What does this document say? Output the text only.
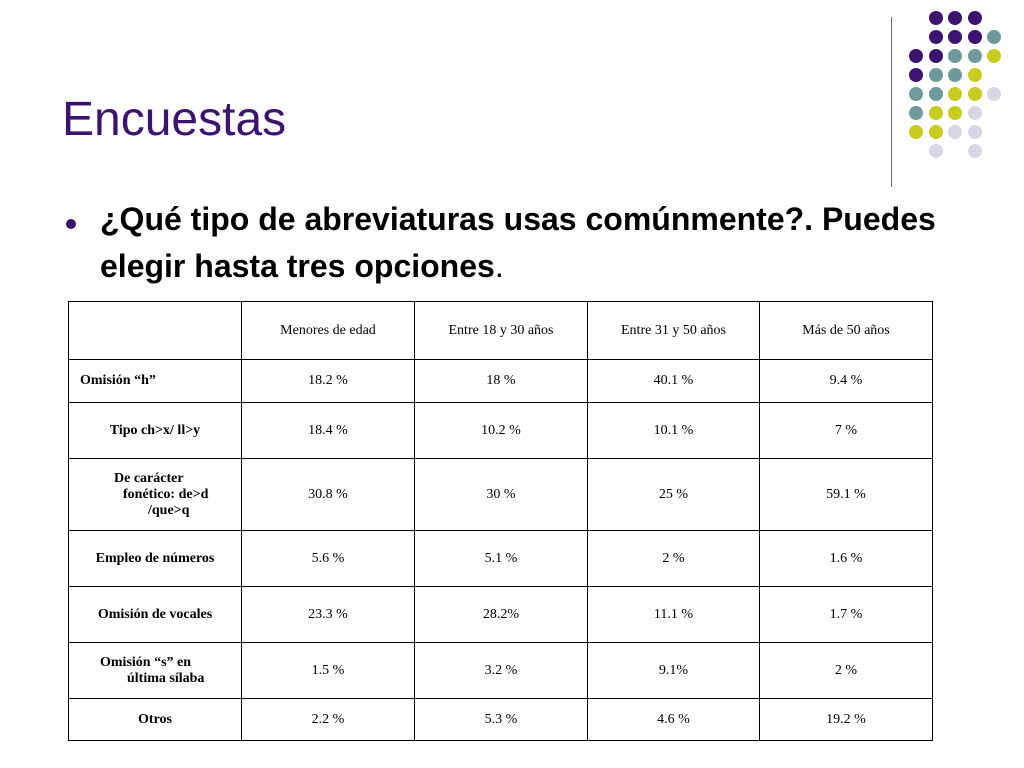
Encuestas
¿Qué tipo de abreviaturas usas comúnmente?. Puedes elegir hasta tres opciones.
	Menores de edad	Entre 18 y 30 años	Entre 31 y 50 años	Más de 50 años
Omisión “h”	18.2 %	18 %	40.1 %	9.4 %
Tipo ch>x/ ll>y	18.4 %	10.2 %	10.1 %	7 %

De carácter
fonético: de>d
/que>q	30.8 %	30 %	25 %	59.1 %
Empleo de números	5.6 %	5.1 %	2 %	1.6 %
Omisión de vocales	23.3 %	28.2%	11.1 %	1.7 %

Omisión “s” en
última sílaba	1.5 %	3.2 %	9.1%	2 %
Otros	2.2 %	5.3 %	4.6 %	19.2 %
